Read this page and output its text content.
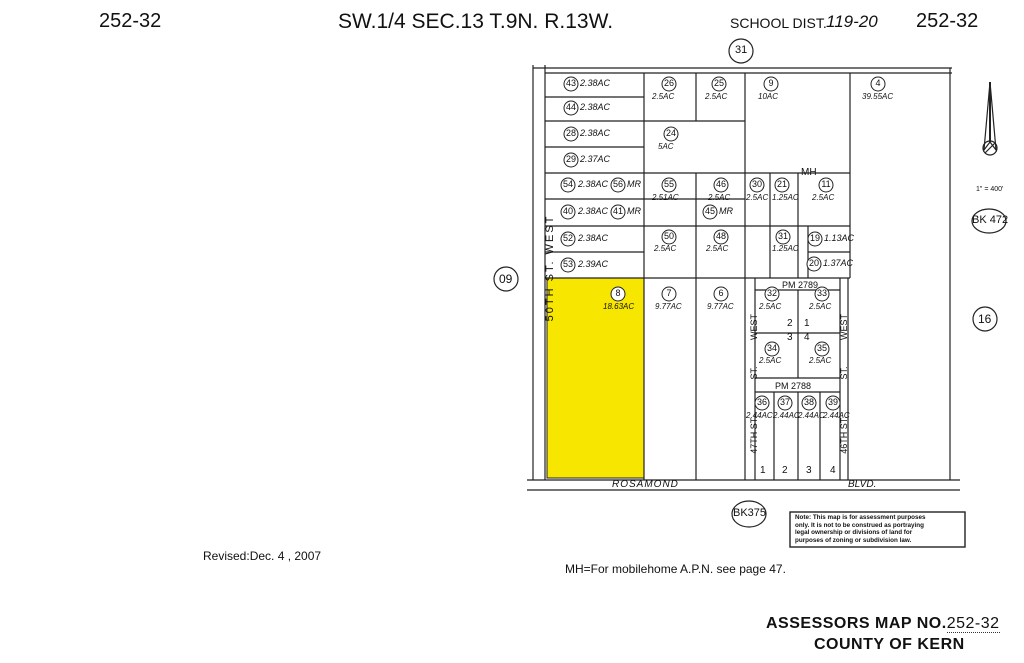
252-32	SW.1/4 SEC.13 T.9N. R.13W.	SCHOOL DIST. 119-20 252-32
31
09
16
BK 472
BK375
1" = 400'
50TH ST. WEST
ROSAMOND	BLVD.
47TH ST.	46TH ST.
WEST
ST.
WEST
ST.
43 2.38AC
44 2.38AC
28 2.38AC
29 2.37AC
54 2.38AC 56 MR
40 2.38AC 41 MR
52 2.38AC
53 2.39AC
26
2.5AC
25
2.5AC
9
10AC
4
39.55AC
24
5AC
55
2.51AC
46
2.5AC
45 MR
30
2.5AC
21
1.25AC
11
2.5AC
50
2.5AC
48
2.5AC
31
1.25AC
19 1.13AC
20 1.37AC
8
18.63AC
7
9.77AC
6
9.77AC
32
2.5AC
33
2.5AC
34
2.5AC
35
2.5AC
36
2.44AC
37
2.44AC
38
2.44AC
39
2.44AC
MH
PM 2789
PM 2788
2 1
3 4
1 2 3 4
Note: This map is for assessment purposes
only. It is not to be construed as portraying
legal ownership or divisions of land for
purposes of zoning or subdivision law.
Revised:Dec. 4 , 2007
MH=For mobilehome A.P.N. see page 47.
ASSESSORS MAP NO.252-32
COUNTY OF KERN
